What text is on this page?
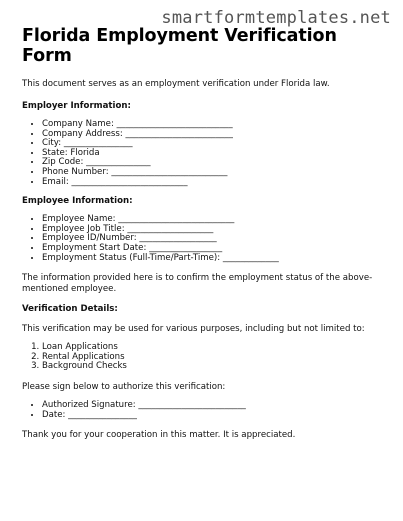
smartformtemplates.net
Florida Employment Verification Form

This document serves as an employment verification under Florida law.

Employer Information:

• Company Name: ___________________________
• Company Address: _________________________
• City: ________________
• State: Florida
• Zip Code: _______________
• Phone Number: ___________________________
• Email: ___________________________

Employee Information:

• Employee Name: ___________________________
• Employee Job Title: ____________________
• Employee ID/Number: __________________
• Employment Start Date: _________________
• Employment Status (Full-Time/Part-Time): _____________

The information provided here is to confirm the employment status of the above-mentioned employee.

Verification Details:

This verification may be used for various purposes, including but not limited to:

1. Loan Applications
2. Rental Applications
3. Background Checks

Please sign below to authorize this verification:

• Authorized Signature: _________________________
• Date: ________________

Thank you for your cooperation in this matter. It is appreciated.
